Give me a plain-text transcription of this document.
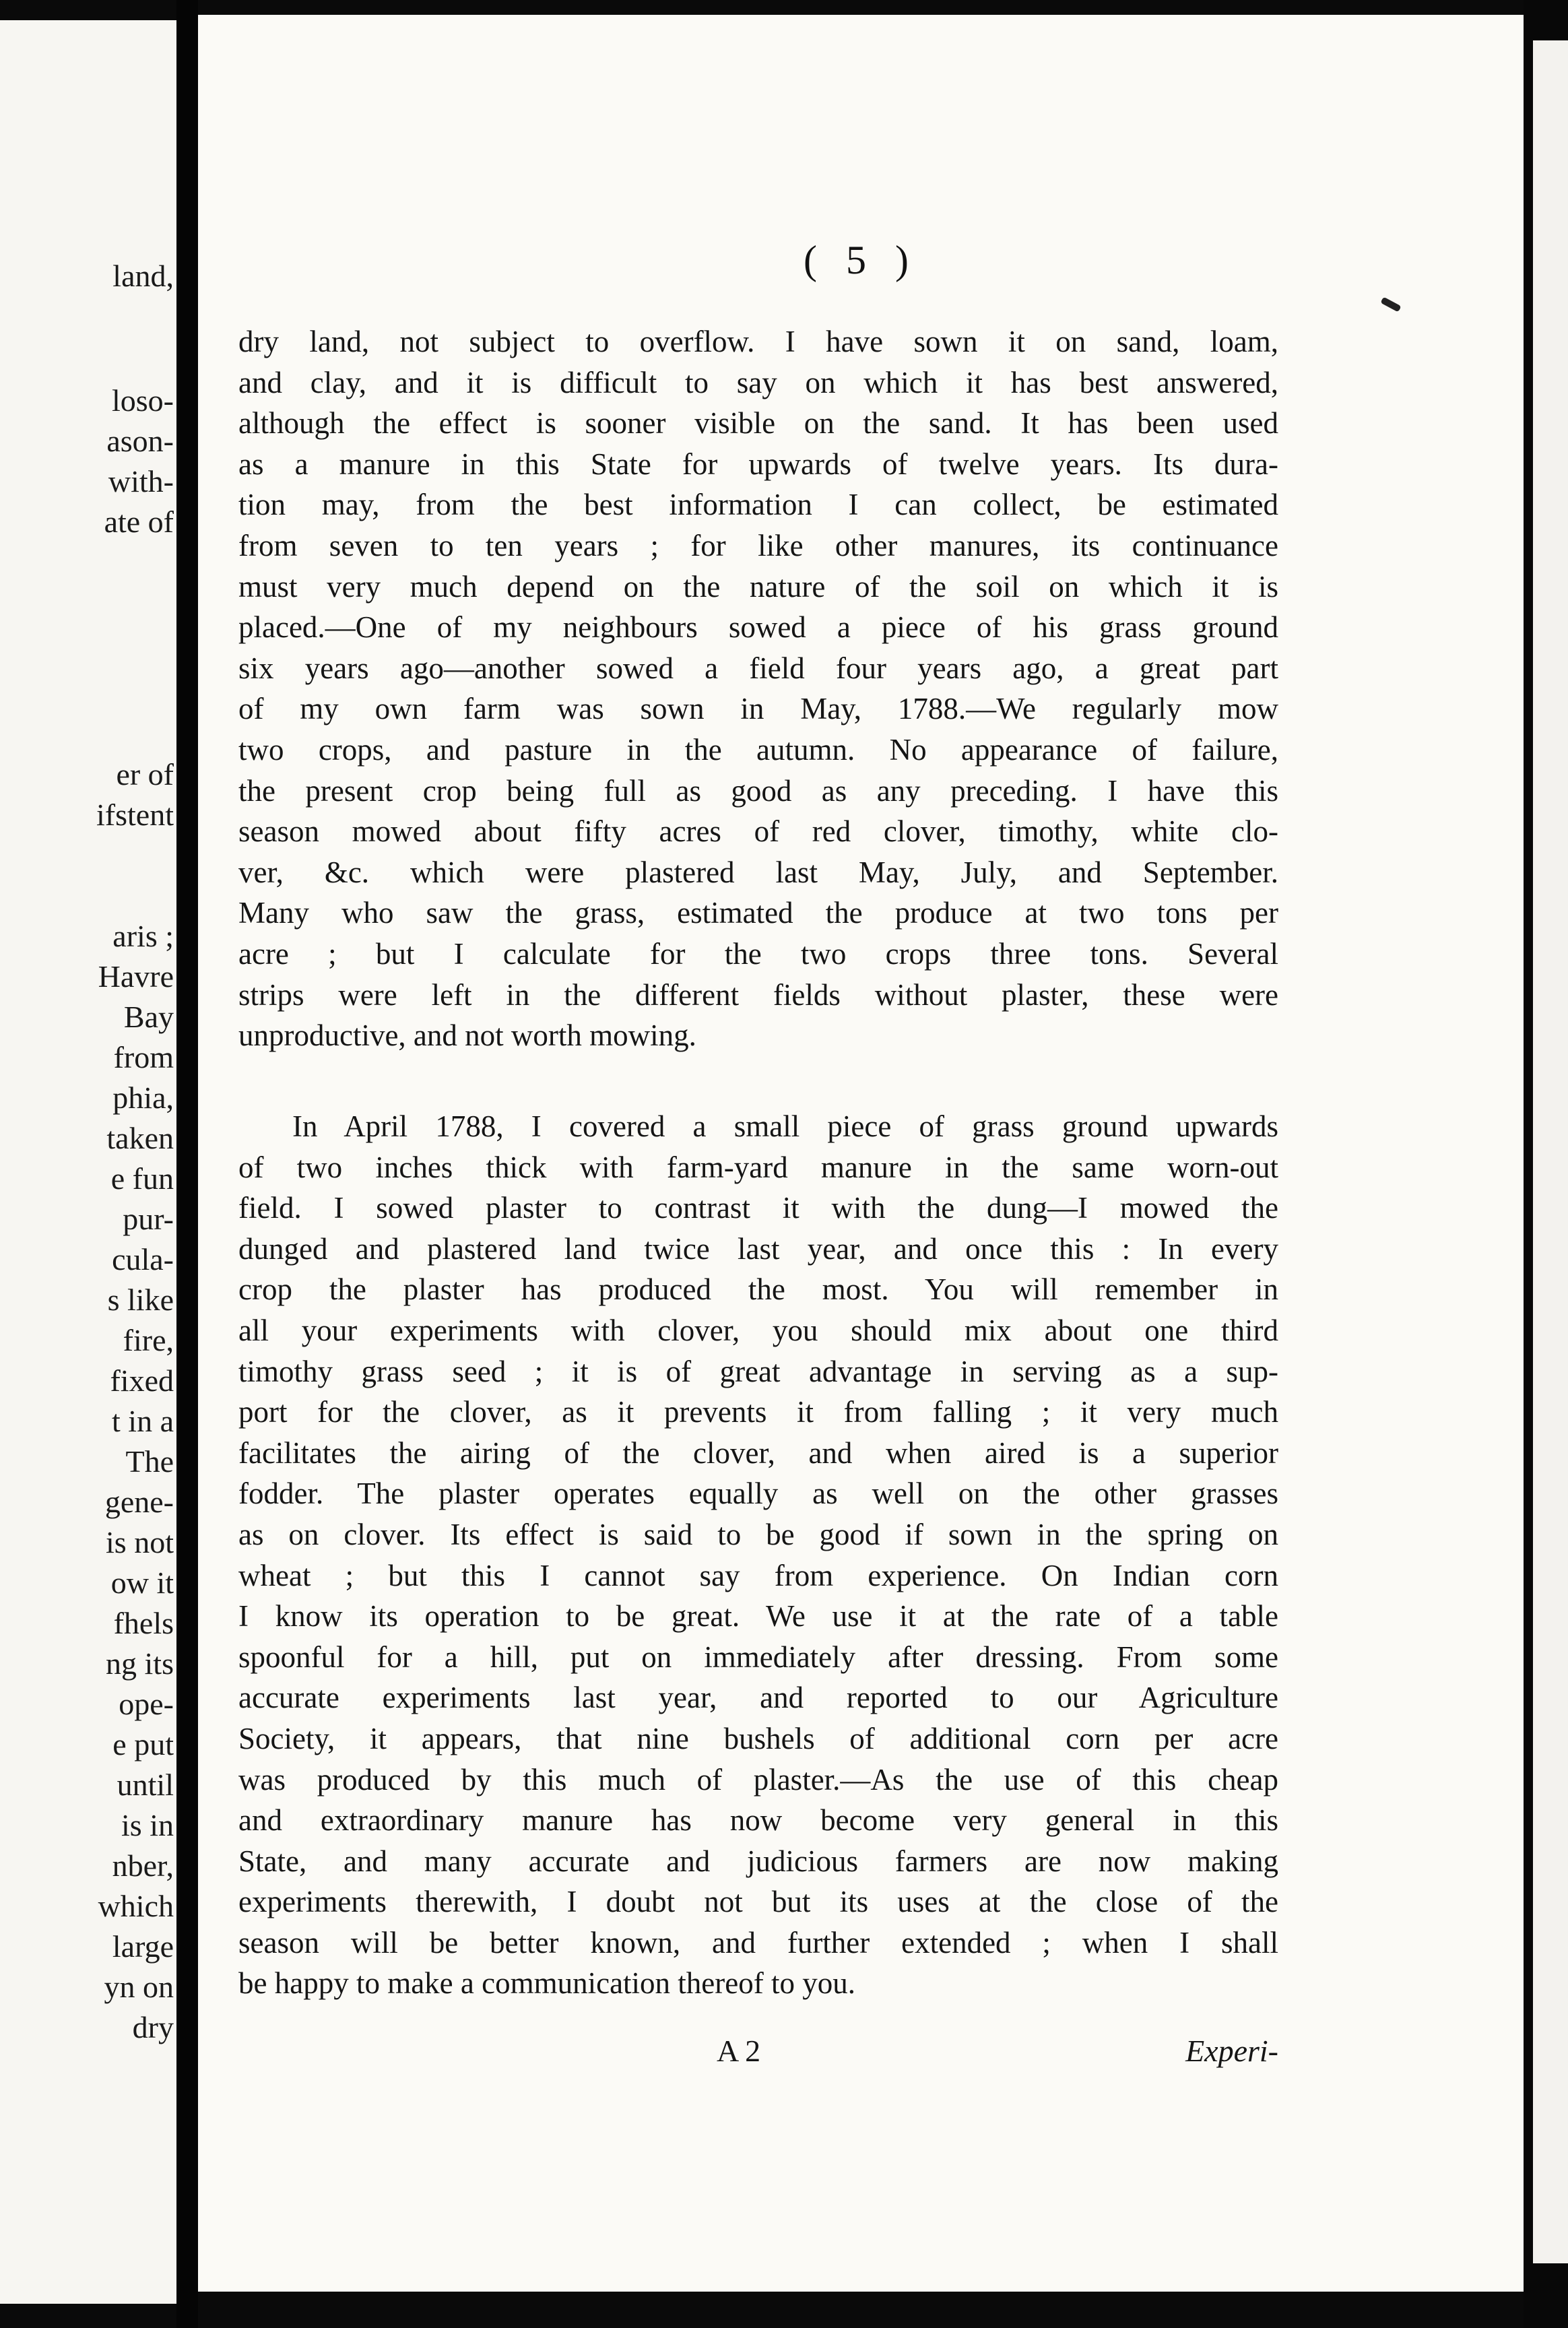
land,
loso-
ason-
with-
ate of
er of
ifstent
aris ;
Havre
Bay
from
phia,
taken
e fun
pur-
cula-
s like
fire,
fixed
t in a
The
gene-
is not
ow it
fhels
ng its
ope-
e put
until
is in
nber,
which
large
yn on
dry
( 5 )
dry land, not subject to overflow. I have sown it on sand, loam,
and clay, and it is difficult to say on which it has best answered,
although the effect is sooner visible on the sand. It has been used
as a manure in this State for upwards of twelve years. Its dura-
tion may, from the best information I can collect, be estimated
from seven to ten years ; for like other manures, its continuance
must very much depend on the nature of the soil on which it is
placed.—One of my neighbours sowed a piece of his grass ground
six years ago—another sowed a field four years ago, a great part
of my own farm was sown in May, 1788.—We regularly mow
two crops, and pasture in the autumn. No appearance of failure,
the present crop being full as good as any preceding. I have this
season mowed about fifty acres of red clover, timothy, white clo-
ver, &c. which were plastered last May, July, and September.
Many who saw the grass, estimated the produce at two tons per
acre ; but I calculate for the two crops three tons. Several
strips were left in the different fields without plaster, these were
unproductive, and not worth mowing.
In April 1788, I covered a small piece of grass ground upwards
of two inches thick with farm-yard manure in the same worn-out
field. I sowed plaster to contrast it with the dung—I mowed the
dunged and plastered land twice last year, and once this : In every
crop the plaster has produced the most. You will remember in
all your experiments with clover, you should mix about one third
timothy grass seed ; it is of great advantage in serving as a sup-
port for the clover, as it prevents it from falling ; it very much
facilitates the airing of the clover, and when aired is a superior
fodder. The plaster operates equally as well on the other grasses
as on clover. Its effect is said to be good if sown in the spring on
wheat ; but this I cannot say from experience. On Indian corn
I know its operation to be great. We use it at the rate of a table
spoonful for a hill, put on immediately after dressing. From some
accurate experiments last year, and reported to our Agriculture
Society, it appears, that nine bushels of additional corn per acre
was produced by this much of plaster.—As the use of this cheap
and extraordinary manure has now become very general in this
State, and many accurate and judicious farmers are now making
experiments therewith, I doubt not but its uses at the close of the
season will be better known, and further extended ; when I shall
be happy to make a communication thereof to you.
A 2	Experi-
